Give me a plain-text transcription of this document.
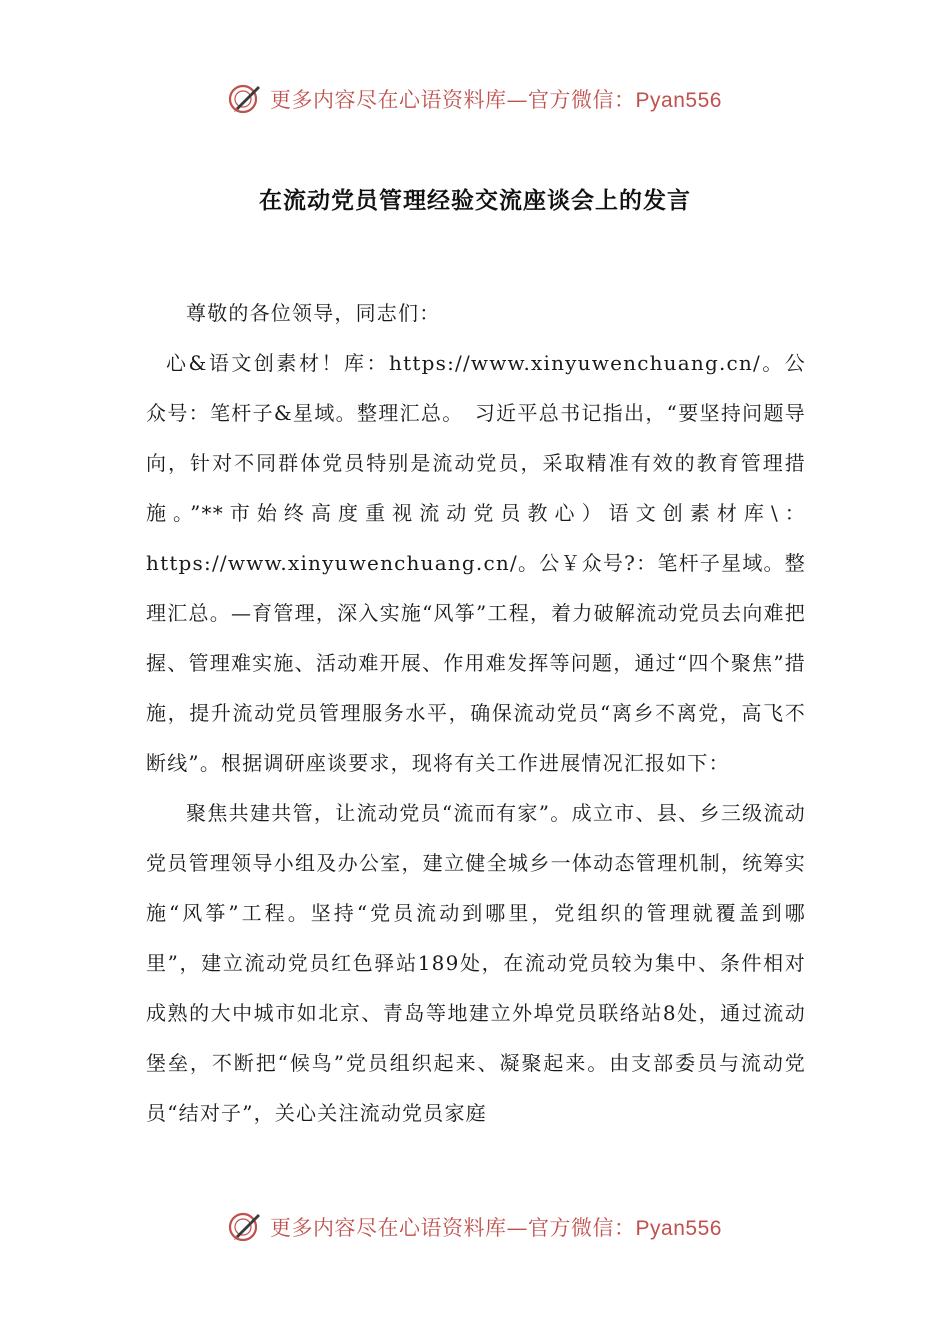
更多内容尽在心语资料库—官方微信：Pyan556
在流动党员管理经验交流座谈会上的发言

尊敬的各位领导，同志们：

心&语文创素材！库：https://www.xinyuwenchuang.cn/。公众号：笔杆子&星域。整理汇总。　习近平总书记指出，“要坚持问题导向，针对不同群体党员特别是流动党员，采取精准有效的教育管理措施。”**市始终高度重视流动党员教心）语文创素材库\：https://www.xinyuwenchuang.cn/。公￥众号?：笔杆子星域。整理汇总。—育管理，深入实施“风筝”工程，着力破解流动党员去向难把握、管理难实施、活动难开展、作用难发挥等问题，通过“四个聚焦”措施，提升流动党员管理服务水平，确保流动党员“离乡不离党，高飞不断线”。根据调研座谈要求，现将有关工作进展情况汇报如下：

聚焦共建共管，让流动党员“流而有家”。成立市、县、乡三级流动党员管理领导小组及办公室，建立健全城乡一体动态管理机制，统筹实施“风筝”工程。坚持“党员流动到哪里，党组织的管理就覆盖到哪里”，建立流动党员红色驿站189处，在流动党员较为集中、条件相对成熟的大中城市如北京、青岛等地建立外埠党员联络站8处，通过流动堡垒，不断把“候鸟”党员组织起来、凝聚起来。由支部委员与流动党员“结对子”，关心关注流动党员家庭

更多内容尽在心语资料库—官方微信：Pyan556
